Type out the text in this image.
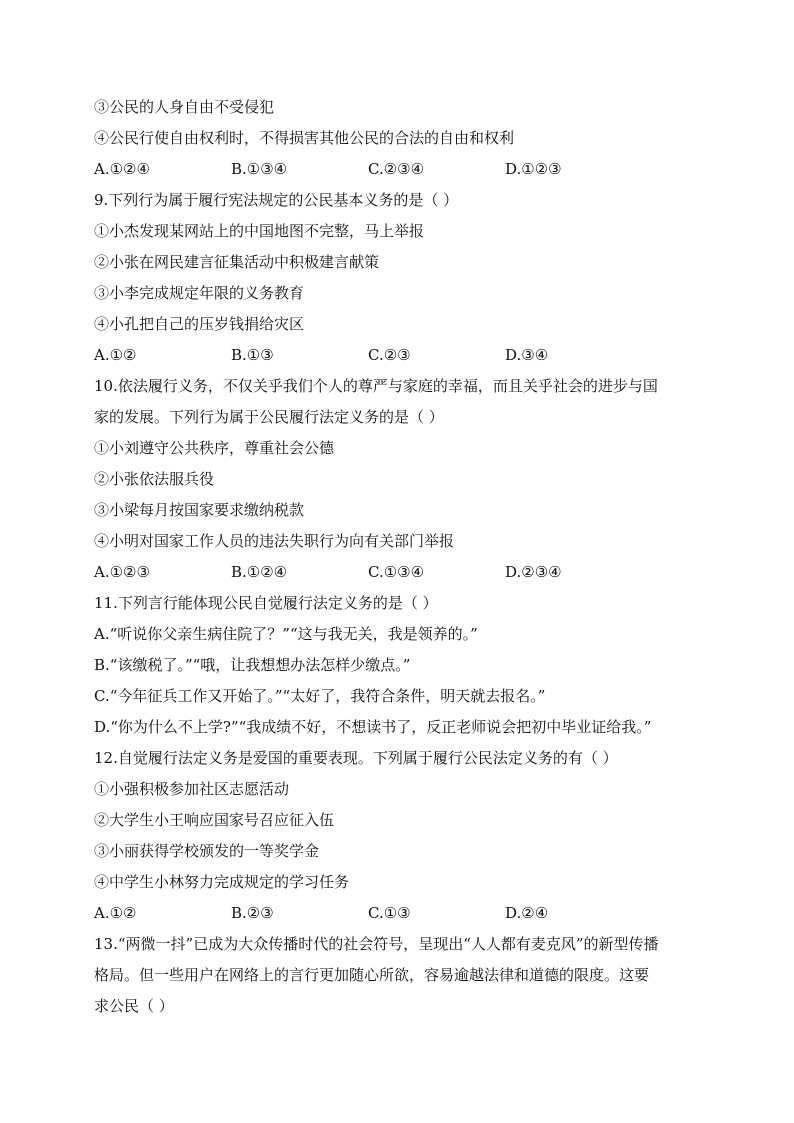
③公民的人身自由不受侵犯
④公民行使自由权利时，不得损害其他公民的合法的自由和权利
A.①②④	B.①③④	C.②③④	D.①②③
9.下列行为属于履行宪法规定的公民基本义务的是（ ）
①小杰发现某网站上的中国地图不完整，马上举报
②小张在网民建言征集活动中积极建言献策
③小李完成规定年限的义务教育
④小孔把自己的压岁钱捐给灾区
A.①②	B.①③	C.②③	D.③④
10.依法履行义务，不仅关乎我们个人的尊严与家庭的幸福，而且关乎社会的进步与国
家的发展。下列行为属于公民履行法定义务的是（ ）
①小刘遵守公共秩序，尊重社会公德
②小张依法服兵役
③小梁每月按国家要求缴纳税款
④小明对国家工作人员的违法失职行为向有关部门举报
A.①②③	B.①②④	C.①③④	D.②③④
11.下列言行能体现公民自觉履行法定义务的是（ ）
A.“听说你父亲生病住院了？”“这与我无关，我是领养的。”
B.“该缴税了。”“哦，让我想想办法怎样少缴点。”
C.“今年征兵工作又开始了。”“太好了，我符合条件，明天就去报名。”
D.“你为什么不上学?”“我成绩不好，不想读书了，反正老师说会把初中毕业证给我。”
12.自觉履行法定义务是爱国的重要表现。下列属于履行公民法定义务的有（ ）
①小强积极参加社区志愿活动
②大学生小王响应国家号召应征入伍
③小丽获得学校颁发的一等奖学金
④中学生小林努力完成规定的学习任务
A.①②	B.②③	C.①③	D.②④
13.“两微一抖”已成为大众传播时代的社会符号，呈现出“人人都有麦克风”的新型传播
格局。但一些用户在网络上的言行更加随心所欲，容易逾越法律和道德的限度。这要
求公民（ ）
